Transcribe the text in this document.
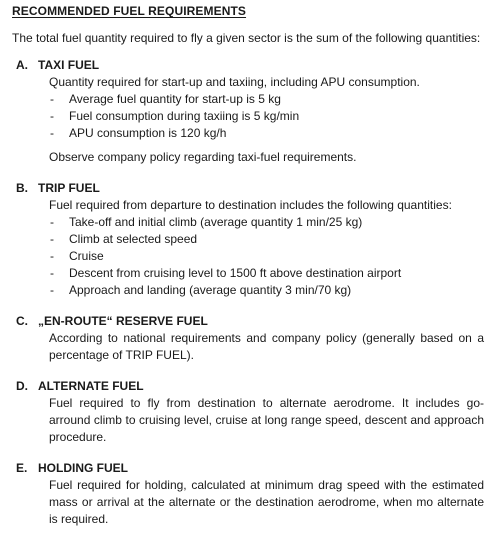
RECOMMENDED FUEL REQUIREMENTS

The total fuel quantity required to fly a given sector is the sum of the following quantities:

A. TAXI FUEL

Quantity required for start-up and taxiing, including APU consumption.

- Average fuel quantity for start-up is 5 kg
- Fuel consumption during taxiing is 5 kg/min
- APU consumption is 120 kg/h

Observe company policy regarding taxi-fuel requirements.

B. TRIP FUEL

Fuel required from departure to destination includes the following quantities:

- Take-off and initial climb (average quantity 1 min/25 kg)
- Climb at selected speed
- Cruise
- Descent from cruising level to 1500 ft above destination airport
- Approach and landing (average quantity 3 min/70 kg)
C. „EN-ROUTE“ RESERVE FUEL

According to national requirements and company policy (generally based on a percentage of TRIP FUEL).

D. ALTERNATE FUEL

Fuel required to fly from destination to alternate aerodrome. It includes go-arround climb to cruising level, cruise at long range speed, descent and approach procedure.

E. HOLDING FUEL

Fuel required for holding, calculated at minimum drag speed with the estimated mass or arrival at the alternate or the destination aerodrome, when mo alternate is required.
